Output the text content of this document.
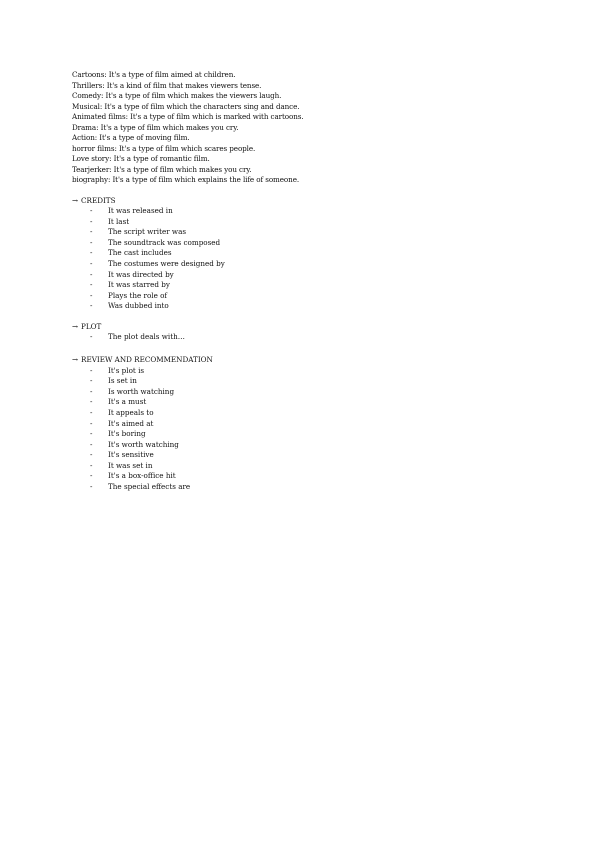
Cartoons: It's a type of film aimed at children.
Thrillers: It's a kind of film that makes viewers tense.
Comedy: It's a type of film which makes the viewers laugh.
Musical: It's a type of film which the characters sing and dance.
Animated films: It's a type of film which is marked with cartoons.
Drama: It's a type of film which makes you cry.
Action: It's a type of moving film.
horror films: It's a type of film which scares people.
Love story: It's a type of romantic film.
Tearjerker: It's a type of film which makes you cry.
biography: It's a type of film which explains the life of someone.
→ CREDITS
- It was released in
- It last
- The script writer was
- The soundtrack was composed
- The cast includes
- The costumes were designed by
- It was directed by
- It was starred by
- Plays the role of
- Was dubbed into
→ PLOT
- The plot deals with…
→ REVIEW AND RECOMMENDATION
- It's plot is
- Is set in
- Is worth watching
- It's a must
- It appeals to
- It's aimed at
- It's boring
- It's worth watching
- It's sensitive
- It was set in
- It's a box-office hit
- The special effects are
